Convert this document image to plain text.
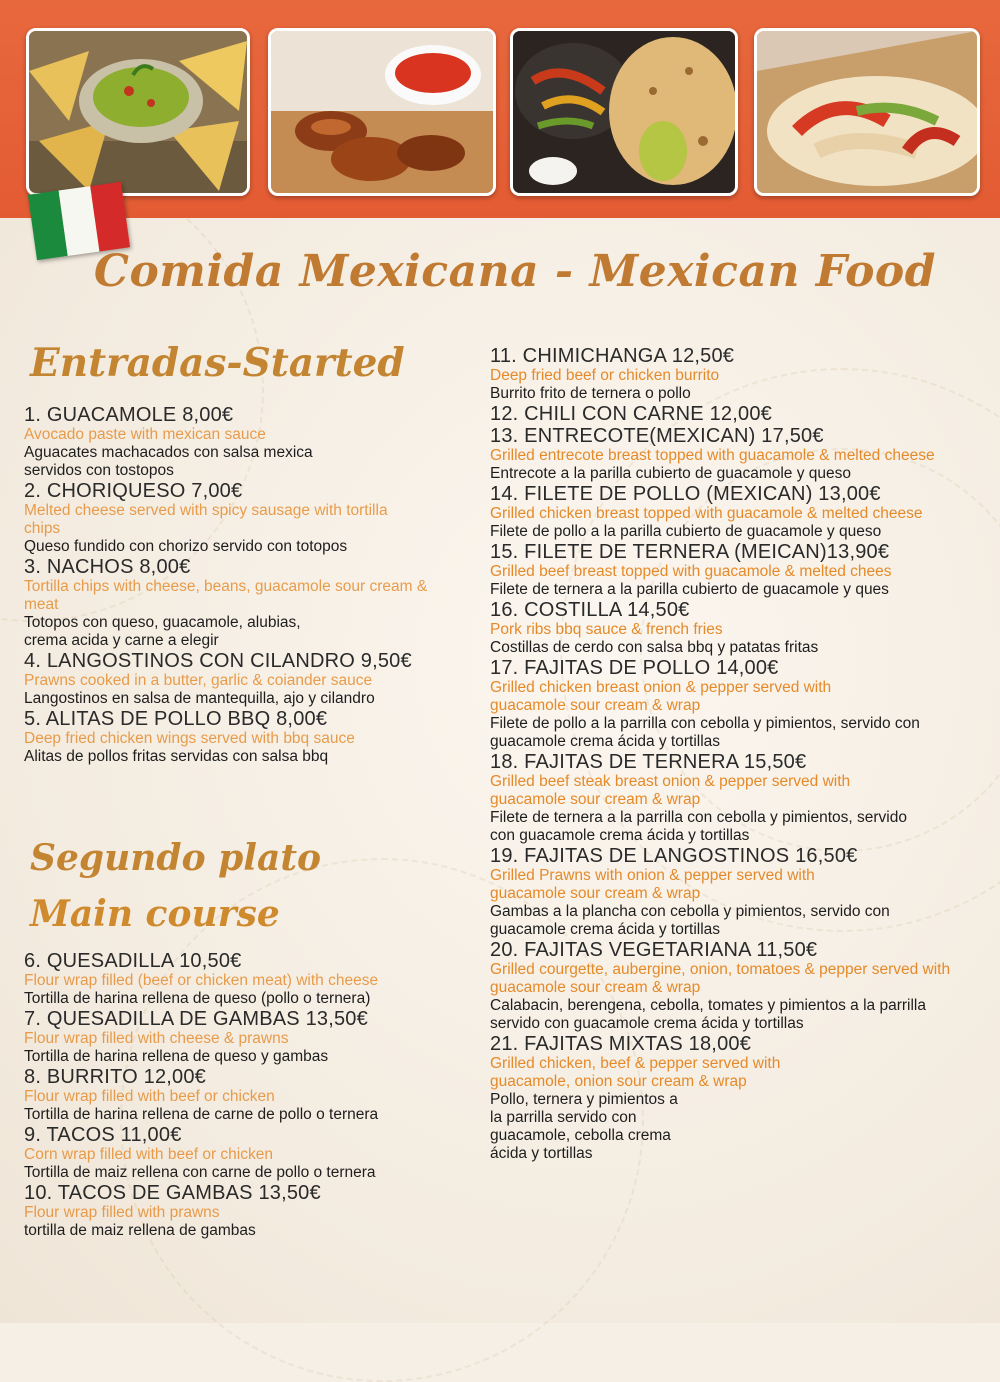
Comida Mexicana - Mexican Food
Entradas-Started
1. GUACAMOLE 8,00€
Avocado paste with mexican sauce
Aguacates machacados con salsa mexica servidos con tostopos
2. CHORIQUESO 7,00€
Melted cheese served with spicy sausage with tortilla chips
Queso fundido con chorizo servido con totopos
3. NACHOS 8,00€
Tortilla chips with cheese, beans, guacamole sour cream & meat
Totopos con queso, guacamole, alubias, crema acida y carne a elegir
4. LANGOSTINOS CON CILANDRO 9,50€
Prawns cooked in a butter, garlic & coiander sauce
Langostinos en salsa de mantequilla, ajo y cilandro
5. ALITAS DE POLLO BBQ 8,00€
Deep fried chicken wings served with bbq sauce
Alitas de pollos fritas servidas con salsa bbq
Segundo plato
Main course
6. QUESADILLA 10,50€
Flour wrap filled (beef or chicken meat) with cheese
Tortilla de harina rellena de queso (pollo o ternera)
7. QUESADILLA DE GAMBAS 13,50€
Flour wrap filled with cheese & prawns
Tortilla de harina rellena de queso y gambas
8. BURRITO 12,00€
Flour wrap filled with beef or chicken
Tortilla de harina rellena de carne de pollo o ternera
9. TACOS 11,00€
Corn wrap filled with beef or chicken
Tortilla de maiz rellena con carne de pollo o ternera
10. TACOS DE GAMBAS 13,50€
Flour wrap filled with prawns
tortilla de maiz rellena de gambas
11. CHIMICHANGA 12,50€
Deep fried beef or chicken burrito
Burrito frito de ternera o pollo
12. CHILI CON CARNE 12,00€
13. ENTRECOTE(MEXICAN) 17,50€
Grilled entrecote breast topped with guacamole & melted cheese
Entrecote a la parilla cubierto de guacamole y queso
14. FILETE DE POLLO (MEXICAN) 13,00€
Grilled chicken breast topped with guacamole & melted cheese
Filete de pollo a la parilla cubierto de guacamole y queso
15. FILETE DE TERNERA (MEICAN)13,90€
Grilled beef breast topped with guacamole & melted chees
Filete de ternera a la parilla cubierto de guacamole y ques
16. COSTILLA 14,50€
Pork ribs bbq sauce & french fries
Costillas de cerdo con salsa bbq y patatas fritas
17. FAJITAS DE POLLO 14,00€
Grilled chicken breast onion & pepper served with guacamole sour cream & wrap
Filete de pollo a la parrilla con cebolla y pimientos, servido con guacamole crema ácida y tortillas
18. FAJITAS DE TERNERA 15,50€
Grilled beef steak breast onion & pepper served with guacamole sour cream & wrap
Filete de ternera a la parrilla con cebolla y pimientos, servido con guacamole crema ácida y tortillas
19. FAJITAS DE LANGOSTINOS 16,50€
Grilled Prawns with onion & pepper served with guacamole sour cream & wrap
Gambas a la plancha con cebolla y pimientos, servido con guacamole crema ácida y tortillas
20. FAJITAS VEGETARIANA 11,50€
Grilled courgette, aubergine, onion, tomatoes & pepper served with guacamole sour cream & wrap
Calabacin, berengena, cebolla, tomates y pimientos a la parrilla servido con guacamole crema ácida y tortillas
21. FAJITAS MIXTAS 18,00€
Grilled chicken, beef & pepper served with guacamole, onion sour cream & wrap
Pollo, ternera y pimientos a la parrilla servido con guacamole, cebolla crema ácida y tortillas
